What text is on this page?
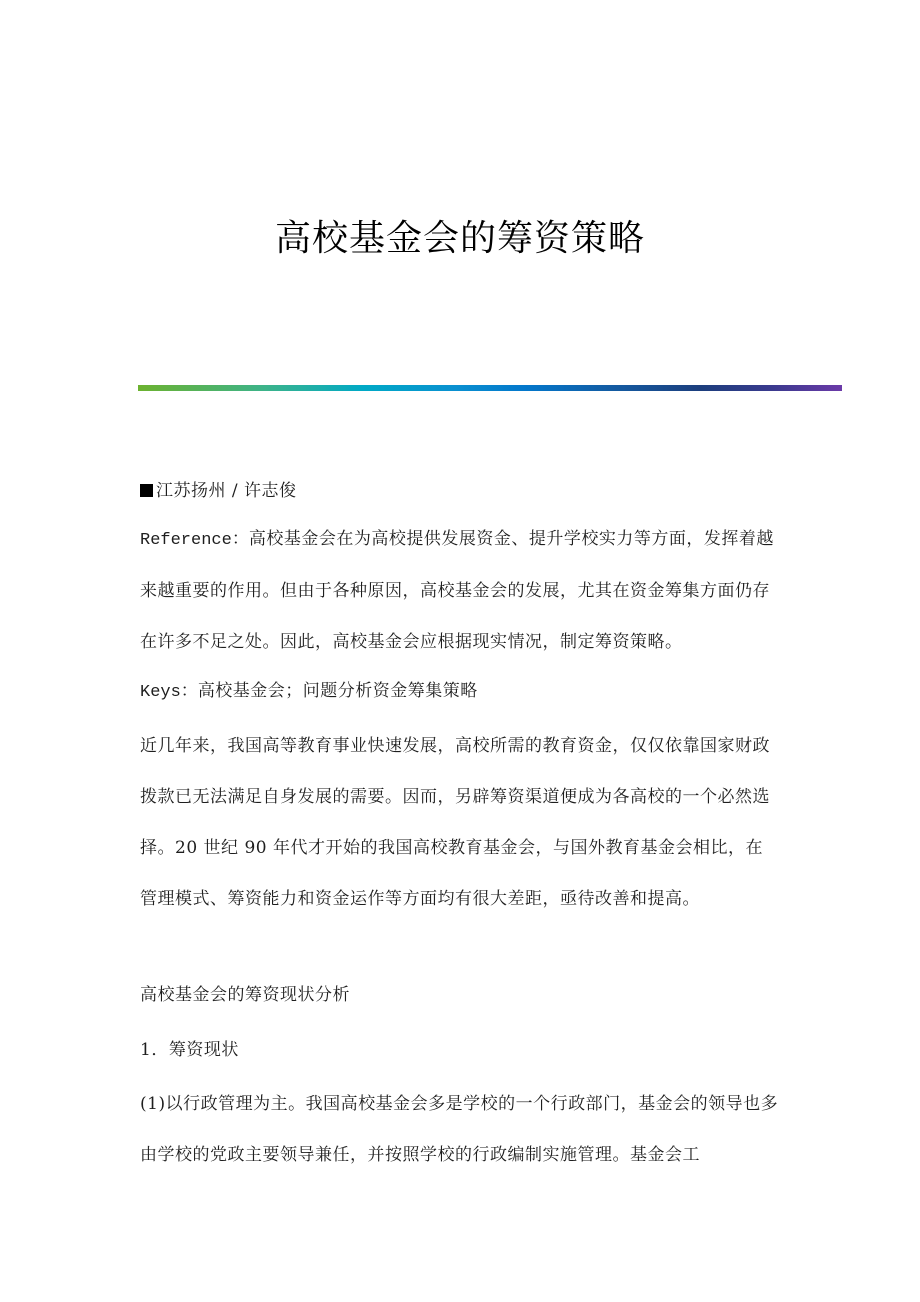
高校基金会的筹资策略

江苏扬州 / 许志俊

Reference：高校基金会在为高校提供发展资金、提升学校实力等方面，发挥着越来越重要的作用。但由于各种原因，高校基金会的发展，尤其在资金筹集方面仍存在许多不足之处。因此，高校基金会应根据现实情况，制定筹资策略。

Keys：高校基金会；问题分析资金筹集策略

近几年来，我国高等教育事业快速发展，高校所需的教育资金，仅仅依靠国家财政拨款已无法满足自身发展的需要。因而，另辟筹资渠道便成为各高校的一个必然选择。20 世纪 90 年代才开始的我国高校教育基金会，与国外教育基金会相比，在管理模式、筹资能力和资金运作等方面均有很大差距，亟待改善和提高。

高校基金会的筹资现状分析

1．筹资现状

(1)以行政管理为主。我国高校基金会多是学校的一个行政部门，基金会的领导也多由学校的党政主要领导兼任，并按照学校的行政编制实施管理。基金会工
